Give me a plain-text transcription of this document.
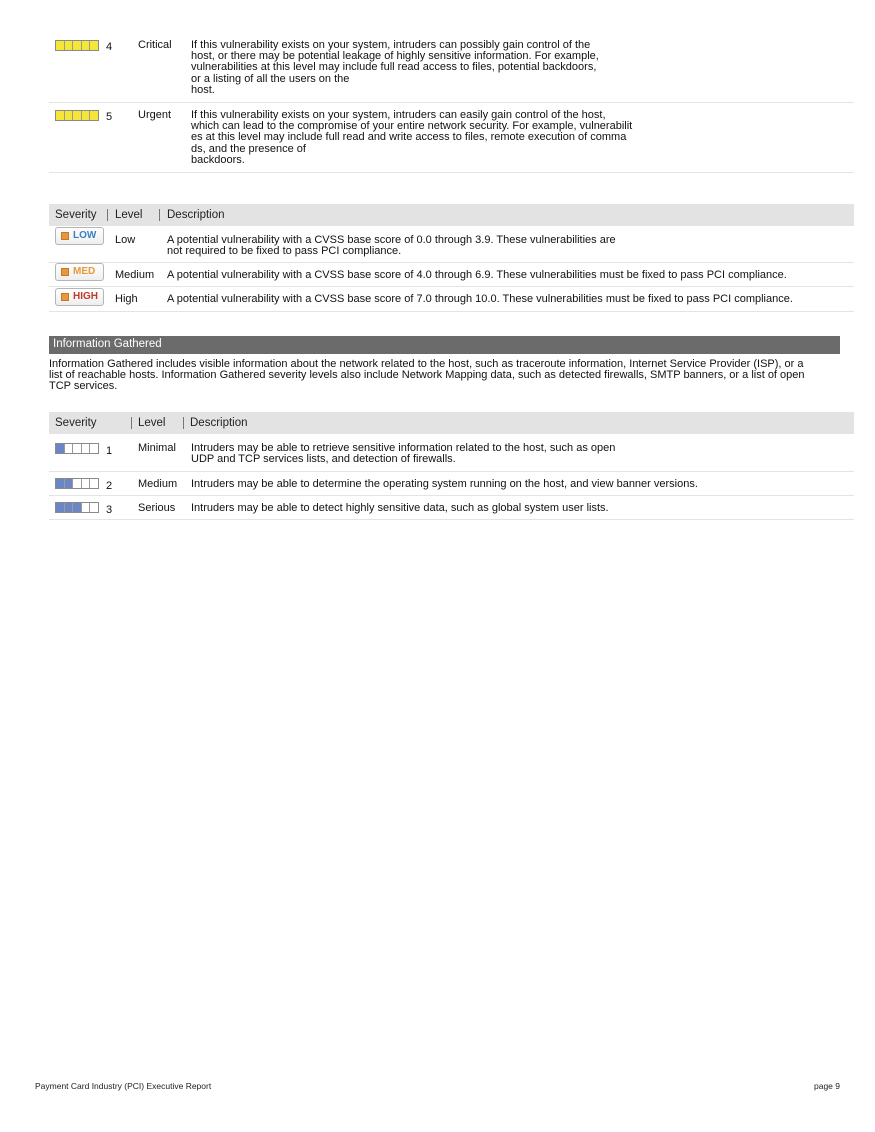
4 Critical If this vulnerability exists on your system, intruders can possibly gain control of the
host, or there may be potential leakage of highly sensitive information. For example,
vulnerabilities at this level may include full read access to files, potential backdoors,
or a listing of all the users on the
host.
5 Urgent If this vulnerability exists on your system, intruders can easily gain control of the host,
which can lead to the compromise of your entire network security. For example, vulnerabilit
es at this level may include full read and write access to files, remote execution of comma
ds, and the presence of
backdoors.
Severity Level Description
LOW Low	A potential vulnerability with a CVSS base score of 0.0 through 3.9. These vulnerabilities are
not required to be fixed to pass PCI compliance.
MED Medium A potential vulnerability with a CVSS base score of 4.0 through 6.9. These vulnerabilities must be fixed to pass PCI compliance.
HIGH High	A potential vulnerability with a CVSS base score of 7.0 through 10.0. These vulnerabilities must be fixed to pass PCI compliance.
Information Gathered
Information Gathered includes visible information about the network related to the host, such as traceroute information, Internet Service Provider (ISP), or a
list of reachable hosts. Information Gathered severity levels also include Network Mapping data, such as detected firewalls, SMTP banners, or a list of open
TCP services.
Severity	Level Description
1 Minimal Intruders may be able to retrieve sensitive information related to the host, such as open
UDP and TCP services lists, and detection of firewalls.
2 Medium Intruders may be able to determine the operating system running on the host, and view banner versions.
3 Serious Intruders may be able to detect highly sensitive data, such as global system user lists.
Payment Card Industry (PCI) Executive Report	page 9
